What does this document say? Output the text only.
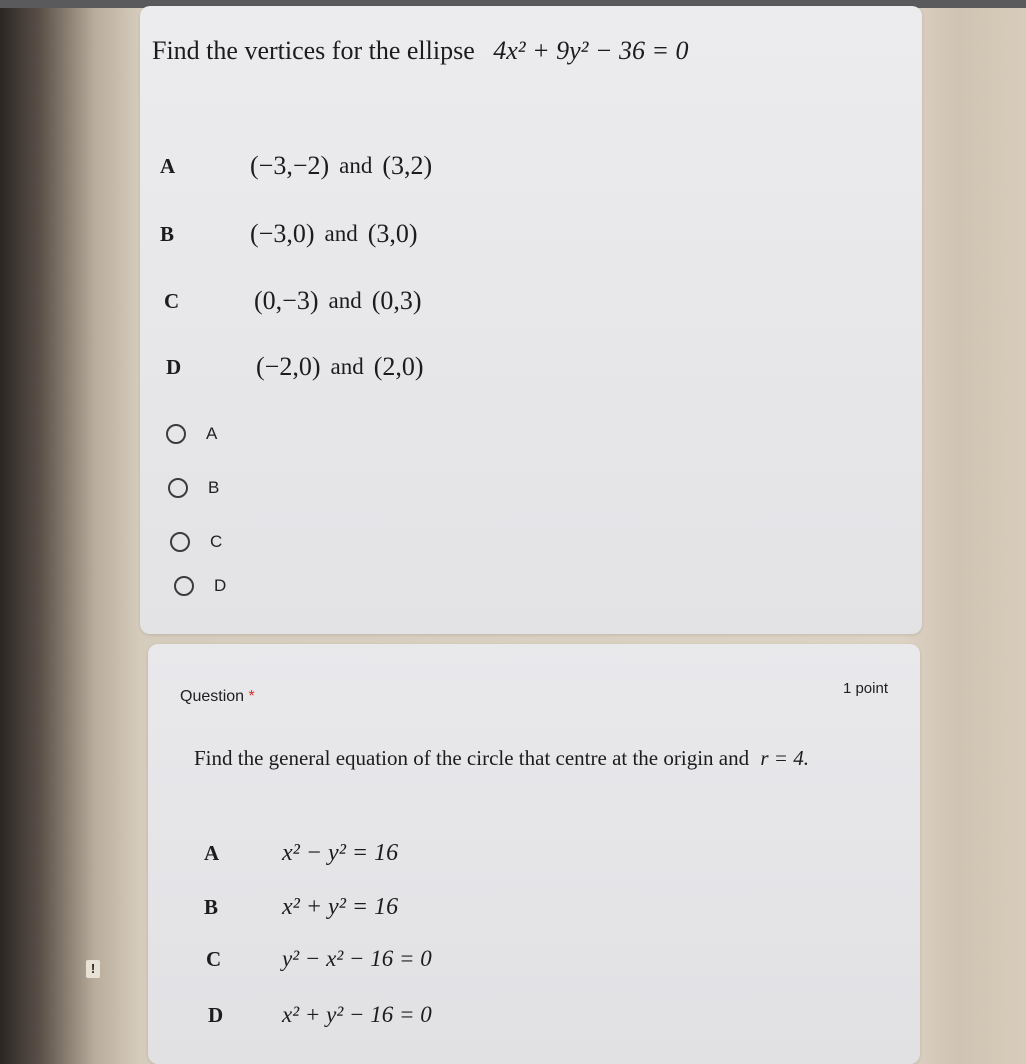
Find the vertices for the ellipse 4x² + 9y² − 36 = 0
A	(−3,−2) and (3,2)
B	(−3,0) and (3,0)
C	(0,−3) and (0,3)
D	(−2,0) and (2,0)
A
B
C
D
Question *	1 point
Find the general equation of the circle that centre at the origin and r = 4.
A	x² − y² = 16
B	x² + y² = 16
C	y² − x² − 16 = 0
D	x² + y² − 16 = 0
!
